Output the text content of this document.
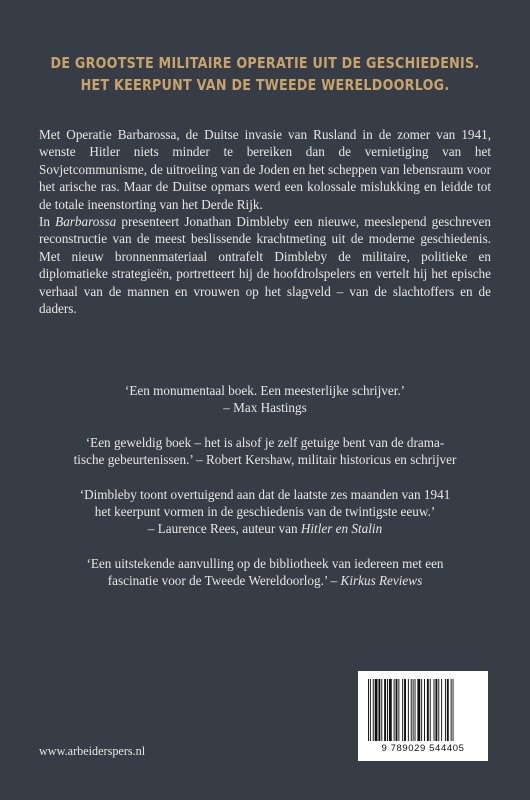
DE GROOTSTE MILITAIRE OPERATIE UIT DE GESCHIEDENIS.
HET KEERPUNT VAN DE TWEEDE WERELDOORLOG.

Met Operatie Barbarossa, de Duitse invasie van Rusland in de zomer van 1941, wenste Hitler niets minder te bereiken dan de vernietiging van het Sovjetcommunisme, de uitroeiing van de Joden en het scheppen van lebensraum voor het arische ras. Maar de Duitse opmars werd een kolossale mislukking en leidde tot de totale ineenstorting van het Derde Rijk.

In Barbarossa presenteert Jonathan Dimbleby een nieuwe, meeslepend geschreven reconstructie van de meest beslissende krachtmeting uit de moderne geschiedenis. Met nieuw bronnenmateriaal ontrafelt Dimbleby de militaire, politieke en diplomatieke strategieën, portretteert hij de hoofdrolspelers en vertelt hij het epische verhaal van de mannen en vrouwen op het slagveld – van de slachtoffers en de daders.

‘Een monumentaal boek. Een meesterlijke schrijver.’
– Max Hastings
‘Een geweldig boek – het is alsof je zelf getuige bent van de drama-
tische gebeurtenissen.’ – Robert Kershaw, militair historicus en schrijver
‘Dimbleby toont overtuigend aan dat de laatste zes maanden van 1941
het keerpunt vormen in de geschiedenis van de twintigste eeuw.’
– Laurence Rees, auteur van Hitler en Stalin
‘Een uitstekende aanvulling op de bibliotheek van iedereen met een
fascinatie voor de Tweede Wereldoorlog.’ – Kirkus Reviews
www.arbeiderspers.nl	9 789029 544405
